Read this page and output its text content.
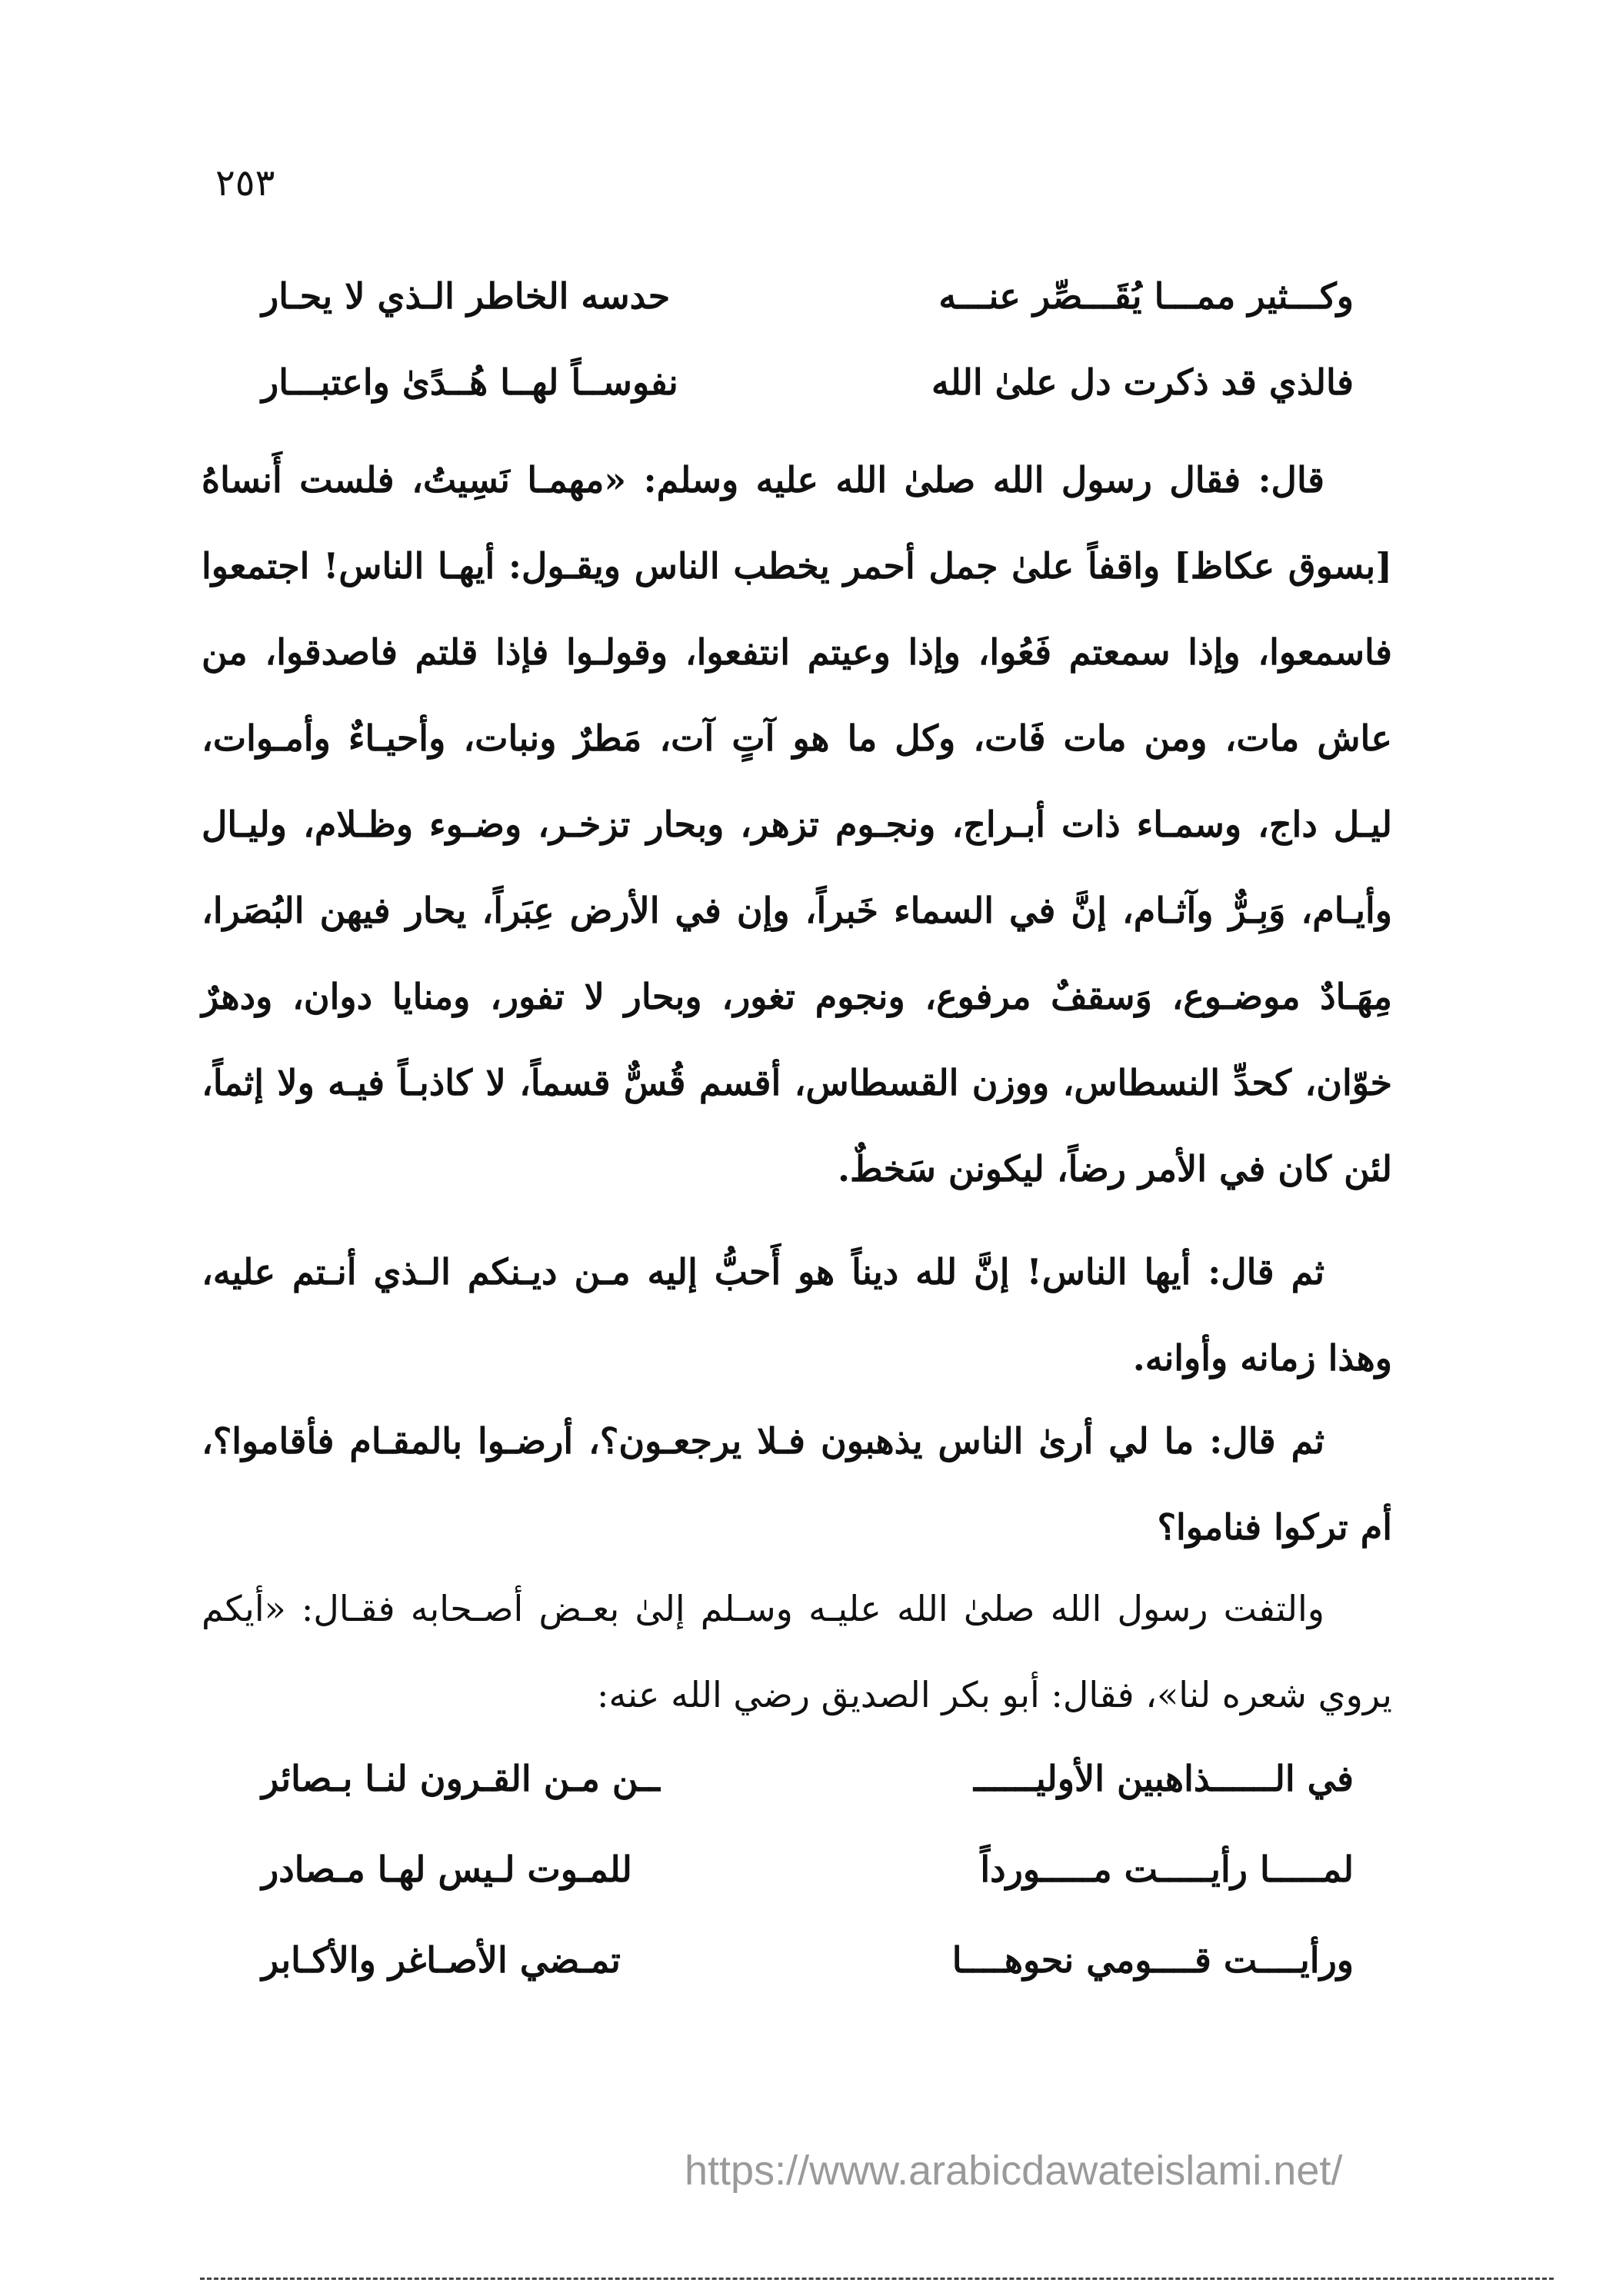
٢٥٣
وكـــثير ممـــا يُقَـــصِّر عنـــه
حدسه الخاطر الـذي لا يحـار
فالذي قد ذكرت دل علىٰ الله
نفوســاً لهــا هُــدًىٰ واعتبـــار

قال: فقال رسول الله صلىٰ الله عليه وسلم: «مهمـا نَسِيتُ، فلست أَنساهُ [بسوق عكاظ] واقفاً علىٰ جمل أحمر يخطب الناس ويقـول: أيهـا الناس! اجتمعوا فاسمعوا، وإذا سمعتم فَعُوا، وإذا وعيتم انتفعوا، وقولـوا فإذا قلتم فاصدقوا، من عاش مات، ومن مات فَات، وكل ما هو آتٍ آت، مَطرٌ ونبات، وأحيـاءٌ وأمـوات، ليـل داج، وسمـاء ذات أبـراج، ونجـوم تزهر، وبحار تزخـر، وضـوء وظـلام، وليـال وأيـام، وَبِـرٌّ وآثـام، إنَّ في السماء خَبراً، وإن في الأرض عِبَراً، يحار فيهن البُصَرا، مِهَـادٌ موضـوع، وَسقفٌ مرفوع، ونجوم تغور، وبحار لا تفور، ومنايا دوان، ودهرٌ خوّان، كحدِّ النسطاس، ووزن القسطاس، أقسم قُسٌّ قسماً، لا كاذبـاً فيـه ولا إثماً، لئن كان في الأمر رضاً، ليكونن سَخطٌ.

ثم قال: أيها الناس! إنَّ لله ديناً هو أَحبُّ إليه مـن ديـنكم الـذي أنـتم عليه، وهذا زمانه وأوانه.

ثم قال: ما لي أرىٰ الناس يذهبون فـلا يرجعـون؟، أرضـوا بالمقـام فأقاموا؟، أم تركوا فناموا؟

والتفت رسول الله صلىٰ الله عليـه وسـلم إلىٰ بعـض أصـحابه فقـال: «أيكم يروي شعره لنا»، فقال: أبو بكر الصديق رضي الله عنه:

في الــــــذاهبين الأوليــــــ
ــن مـن القـرون لنـا بـصائر
لمـــــا رأيـــــت مـــــورداً
للمـوت لـيس لهـا مـصادر
ورأيــــت قــــومي نحوهــــا
تمـضي الأصـاغر والأكـابر
https://www.arabicdawateislami.net/
